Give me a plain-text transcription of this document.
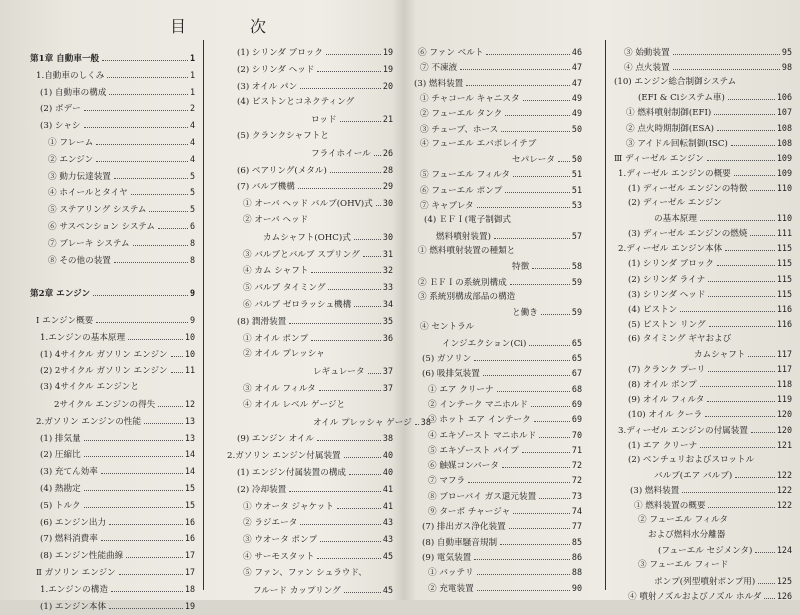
目	次
第1章 自動車一般	1
1.自動車のしくみ	1
(1) 自動車の構成	1
(2) ボデー	2
(3) シャシ	4
① フレーム	4
② エンジン	4
③ 動力伝達装置	5
④ ホイールとタイヤ	5
⑤ ステアリング システム	5
⑥ サスペンション システム	6
⑦ ブレーキ システム	8
⑧ その他の装置	8
第2章 エンジン	9
Ⅰ エンジン概要	9
1.エンジンの基本原理	10
(1) 4サイクル ガソリン エンジン 10
(2) 2サイクル ガソリン エンジン 11
(3) 4サイクル エンジンと
2サイクル エンジンの得失	12
2.ガソリン エンジンの性能	13
(1) 排気量	13
(2) 圧縮比	14
(3) 充てん効率	14
(4) 熱勘定	15
(5) トルク	15
(6) エンジン出力	16
(7) 燃料消費率	16
(8) エンジン性能曲線	17
Ⅱ ガソリン エンジン	17
1.エンジンの構造	18
(1) エンジン本体	19
(1) シリンダ ブロック	19
(2) シリンダ ヘッド	19
(3) オイル パン	20
(4) ピストンとコネクティング
ロッド	21
(5) クランクシャフトと
フライホイール 26
(6) ベアリング(メタル)	28
(7) バルブ機構	29
① オーバ ヘッド バルブ(OHV)式 30
② オーバ ヘッド
カムシャフト(OHC)式	30
③ バルブとバルブ スプリング	31
④ カム シャフト	32
⑤ バルブ タイミング	33
⑥ バルブ ゼロラッシュ機構	34
(8) 潤滑装置	35
① オイル ポンプ	36
② オイル プレッシャ
レギュレータ 37
③ オイル フィルタ	37
④ オイル レベル ゲージと
オイル プレッシャ ゲージ 38
(9) エンジン オイル	38
2.ガソリン エンジン付属装置	40
(1) エンジン付属装置の構成	40
(2) 冷却装置	41
① ウオータ ジャケット	41
② ラジエータ	43
③ ウオータ ポンプ	43
④ サーモスタット	45
⑤ ファン、ファン シュラウド、
フルード カップリング	45
⑥ ファン ベルト	46
⑦ 不凍液	47
(3) 燃料装置	47
① チャコール キャニスタ	49
② フューエル タンク	49
③ チューブ、ホース	50
④ フューエル エバポレイテブ
セパレータ 50
⑤ フューエル フィルタ	51
⑥ フューエル ポンプ	51
⑦ キャブレタ	53
(4) ＥＦＩ(電子制御式
燃料噴射装置)	57
① 燃料噴射装置の種類と
特徴	58
② ＥＦＩの系統別構成	59
③ 系統別構成部品の構造
と働き	59
④ セントラル
インジエクション(Ci)	65
(5) ガソリン	65
(6) 吸排気装置	67
① エア クリーナ	68
② インテーク マニホルド	69
③ ホット エア インテーク	69
④ エキゾースト マニホルド	70
⑤ エキゾースト パイプ	71
⑥ 触媒コンバータ	72
⑦ マフラ	72
⑧ ブローバイ ガス還元装置	73
⑨ ターボ チャージャ	74
(7) 排出ガス浄化装置	77
(8) 自動車騒音規制	85
(9) 電気装置	86
① バッテリ	88
② 充電装置	90
③ 始動装置	95
④ 点火装置	98
(10) エンジン総合制御システム
(EFI & Ciシステム車)	106
① 燃料噴射制御(EFI)	107
② 点火時期制御(ESA)	108
③ アイドル回転制御(ISC)	108
Ⅲ ディーゼル エンジン	109
1.ディーゼル エンジンの概要	109
(1) ディーゼル エンジンの特徴	110
(2) ディーゼル エンジン
の基本原理	110
(3) ディーゼル エンジンの燃焼	111
2.ディーゼル エンジン本体	115
(1) シリンダ ブロック	115
(2) シリンダ ライナ	115
(3) シリンダ ヘッド	115
(4) ピストン	116
(5) ピストン リング	116
(6) タイミング ギヤおよび
カムシャフト	117
(7) クランク プーリ	117
(8) オイル ポンプ	118
(9) オイル フィルタ	119
(10) オイル クーラ	120
3.ディーゼル エンジンの付属装置	120
(1) エア クリーナ	121
(2) ベンチュリおよびスロットル
バルブ(エア バルブ)	122
(3) 燃料装置	122
① 燃料装置の概要	122
② フューエル フィルタ
および燃料水分離器
(フューエル セジメンタ)	124
③ フューエル フィード
ポンプ(列型噴射ポンプ用)	125
④ 噴射ノズルおよびノズル ホルダ 126
